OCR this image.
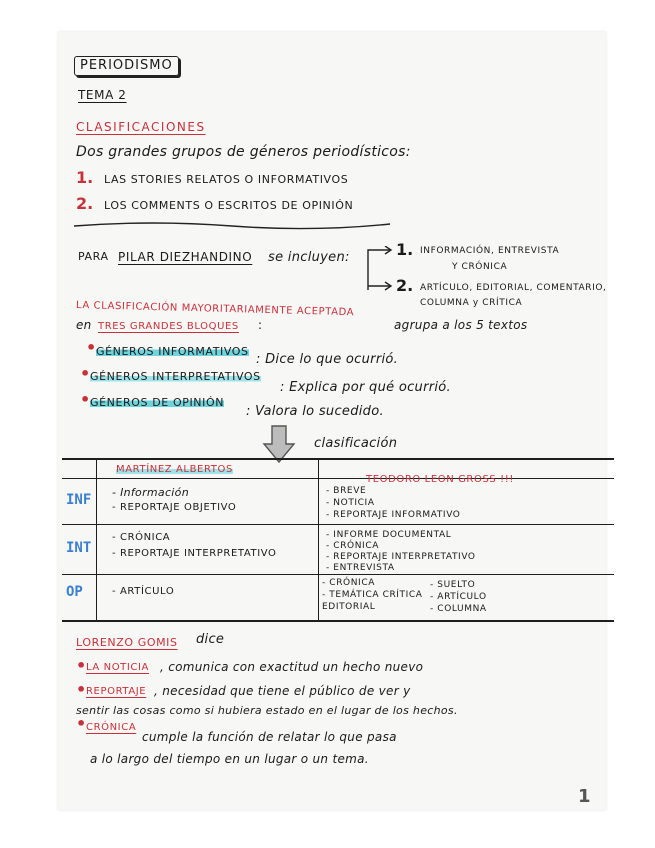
PERIODISMO
TEMA 2
CLASIFICACIONES
Dos grandes grupos de géneros periodísticos:
1. LAS STORIES RELATOS O INFORMATIVOS
2. LOS COMMENTS O ESCRITOS DE OPINIÓN
PARA PILAR DIEZHANDINO se incluyen:	1. INFORMACIÓN, ENTREVISTA
Y CRÓNICA
2. ARTÍCULO, EDITORIAL, COMENTARIO,
COLUMNA y CRÍTICA
LA CLASIFICACIÓN MAYORITARIAMENTE ACEPTADA
agrupa a los 5 textos
en TRES GRANDES BLOQUES :
• GÉNEROS INFORMATIVOS
: Dice lo que ocurrió.
• GÉNEROS INTERPRETATIVOS
: Explica por qué ocurrió.
• GÉNEROS DE OPINIÓN
: Valora lo sucedido.
clasificación
MARTÍNEZ ALBERTOS
TEODORO LEON GROSS !!!
INF - Información
- REPORTAJE OBJETIVO
- BREVE
- NOTICIA
- REPORTAJE INFORMATIVO
INT
- CRÓNICA
- REPORTAJE INTERPRETATIVO
- INFORME DOCUMENTAL
- CRÓNICA
- REPORTAJE INTERPRETATIVO
- ENTREVISTA
OP	- ARTÍCULO
- CRÓNICA
- TEMÁTICA CRÍTICA
EDITORIAL
- SUELTO
- ARTÍCULO
- COLUMNA
LORENZO GOMIS dice
• LA NOTICIA , comunica con exactitud un hecho nuevo
• REPORTAJE , necesidad que tiene el público de ver y
sentir las cosas como si hubiera estado en el lugar de los hechos.
• CRÓNICA
cumple la función de relatar lo que pasa
a lo largo del tiempo en un lugar o un tema.
1
